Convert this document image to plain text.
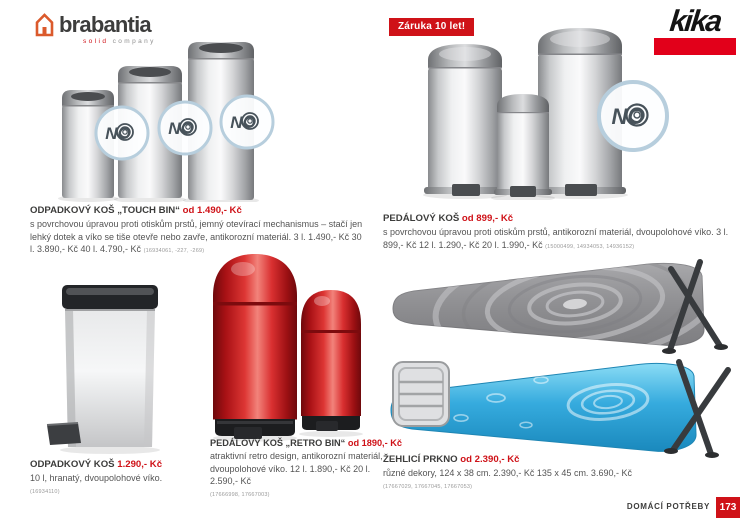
brabantia
solid company
Záruka 10 let!	kika
NO NO NO	NO
ODPADKOVÝ KOŠ „TOUCH BIN“ od 1.490,- Kč
s povrchovou úpravou proti otiskům prstů, jemný otevírací mechanismus – stačí jen lehký dotek a víko se tiše otevře nebo zavře, antikorozní materiál. 3 l. 1.490,- Kč 30 l. 3.890,- Kč 40 l. 4.790,- Kč (16934061, -227, -269)
PEDÁLOVÝ KOŠ od 899,- Kč
s povrchovou úpravou proti otiskům prstů, antikorozní materiál, dvoupolohové víko. 3 l. 899,- Kč 12 l. 1.290,- Kč 20 l. 1.990,- Kč (15000499, 14934053, 14936152)
ODPADKOVÝ KOŠ 1.290,- Kč
10 l, hranatý, dvoupolohové víko.
(16934110)
PEDÁLOVÝ KOŠ „RETRO BIN“ od 1890,- Kč
atraktivní retro design, antikorozní materiál, dvoupolohové víko. 12 l. 1.890,- Kč 20 l. 2.590,- Kč
(17666998, 17667003)
ŽEHLICÍ PRKNO od 2.390,- Kč
různé dekory, 124 x 38 cm. 2.390,- Kč 135 x 45 cm. 3.690,- Kč
(17667029, 17667045, 17667053)
DOMÁCÍ POTŘEBY 173
